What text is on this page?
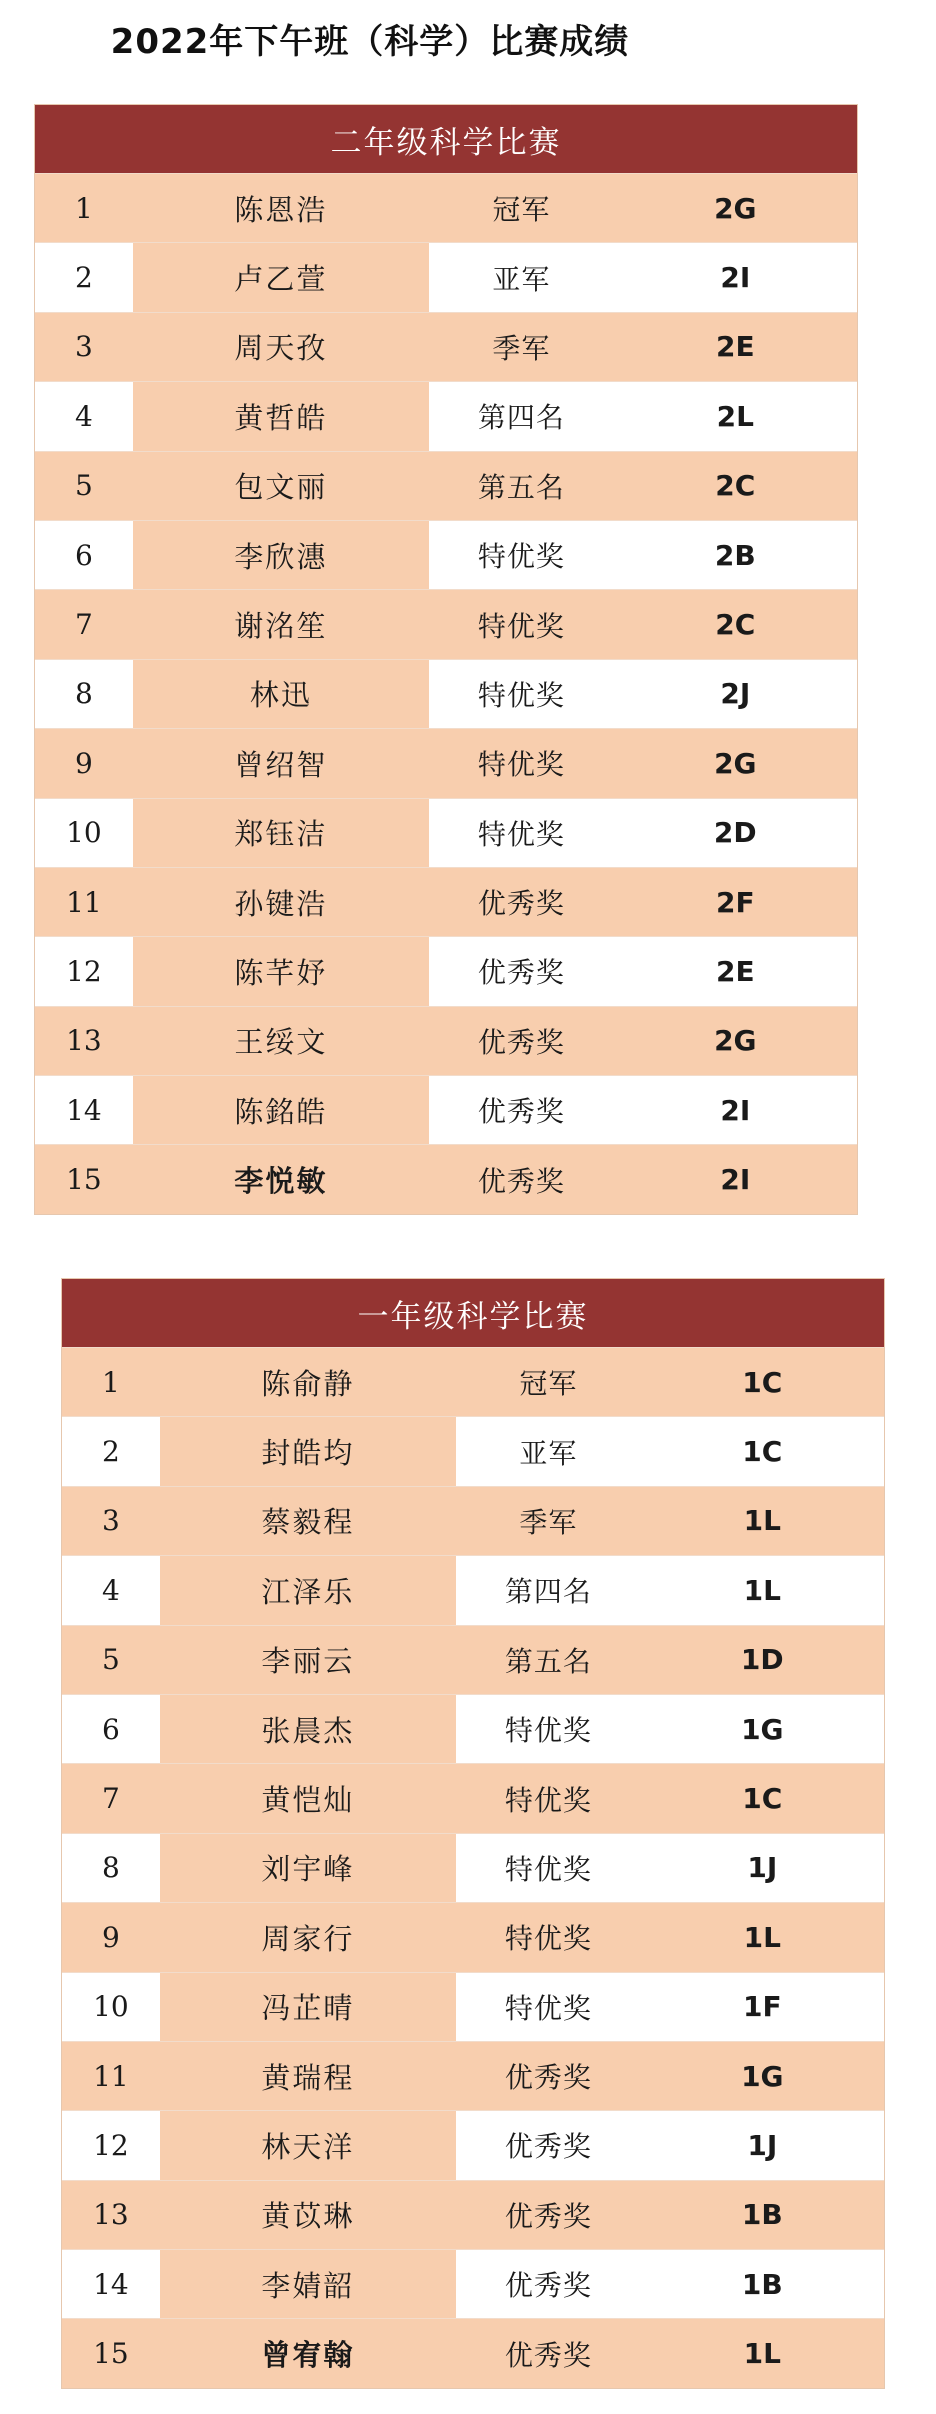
2022年下午班（科学）比赛成绩
二年级科学比赛
1	陈恩浩	冠军	2G
2	卢乙萱	亚军	2I
3	周天孜	季军	2E
4	黄哲皓	第四名	2L
5	包文丽	第五名	2C
6	李欣潓	特优奖	2B
7	谢洺笙	特优奖	2C
8	林迅	特优奖	2J
9	曾绍智	特优奖	2G
10	郑钰洁	特优奖	2D
11	孙键浩	优秀奖	2F
12	陈芊妤	优秀奖	2E
13	王绥文	优秀奖	2G
14	陈銘皓	优秀奖	2I
15	李悦敏	优秀奖	2I
一年级科学比赛
1	陈俞静	冠军	1C
2	封皓均	亚军	1C
3	蔡毅程	季军	1L
4	江泽乐	第四名	1L
5	李丽云	第五名	1D
6	张晨杰	特优奖	1G
7	黄恺灿	特优奖	1C
8	刘宇峰	特优奖	1J
9	周家行	特优奖	1L
10	冯芷晴	特优奖	1F
11	黄瑞程	优秀奖	1G
12	林天洋	优秀奖	1J
13	黄苡琳	优秀奖	1B
14	李婧韶	优秀奖	1B
15	曾宥翰	优秀奖	1L
